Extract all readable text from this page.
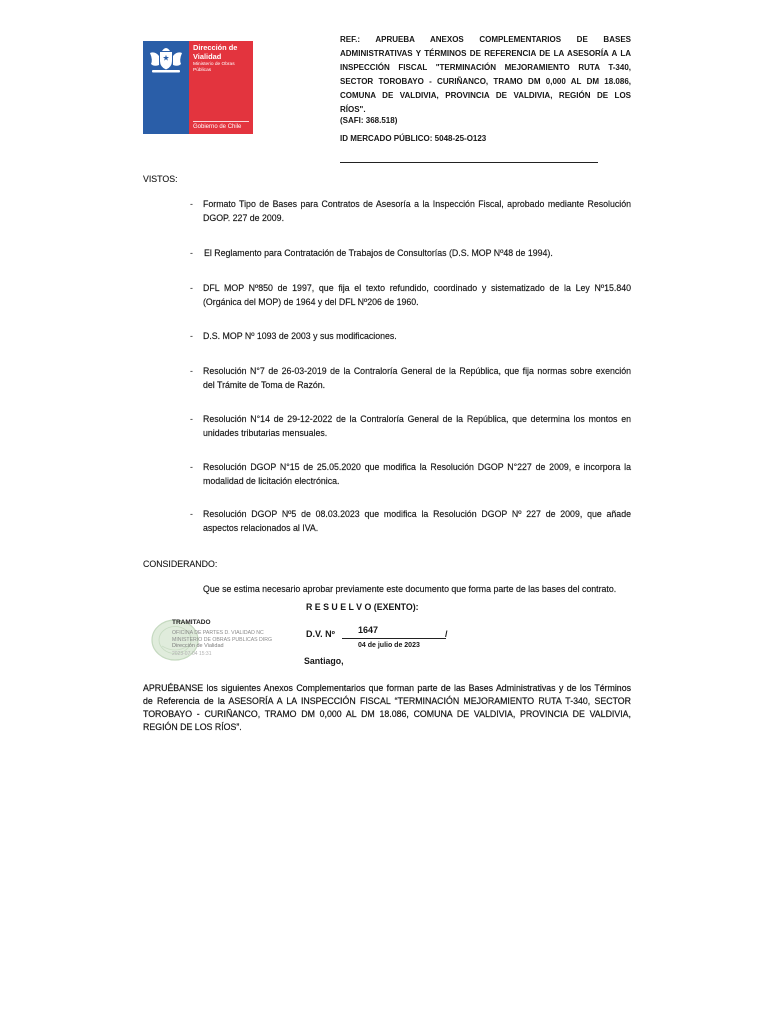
Dirección de
Vialidad
Ministerio de Obras
Públicas
Gobierno de Chile
REF.: APRUEBA ANEXOS COMPLEMENTARIOS DE BASES
ADMINISTRATIVAS Y TÉRMINOS DE REFERENCIA DE LA ASESORÍA A LA
INSPECCIÓN FISCAL "TERMINACIÓN MEJORAMIENTO RUTA T-340,
SECTOR TOROBAYO - CURIÑANCO, TRAMO DM 0,000 AL DM 18.086,
COMUNA DE VALDIVIA, PROVINCIA DE VALDIVIA, REGIÓN DE LOS
RÍOS".
(SAFI: 368.518)
ID MERCADO PÚBLICO: 5048-25-O123
VISTOS:
- Formato Tipo de Bases para Contratos de Asesoría a la Inspección Fiscal, aprobado mediante Resolución
DGOP. 227 de 2009.
- El Reglamento para Contratación de Trabajos de Consultorías (D.S. MOP Nº48 de 1994).
- DFL MOP Nº850 de 1997, que fija el texto refundido, coordinado y sistematizado de la Ley Nº15.840
(Orgánica del MOP) de 1964 y del DFL Nº206 de 1960.
- D.S. MOP Nº 1093 de 2003 y sus modificaciones.
- Resolución N°7 de 26-03-2019 de la Contraloría General de la República, que fija normas sobre exención
del Trámite de Toma de Razón.
- Resolución N°14 de 29-12-2022 de la Contraloría General de la República, que determina los montos en
unidades tributarias mensuales.
- Resolución DGOP N°15 de 25.05.2020 que modifica la Resolución DGOP N°227 de 2009, e incorpora la
modalidad de licitación electrónica.
- Resolución DGOP Nº5 de 08.03.2023 que modifica la Resolución DGOP Nº 227 de 2009, que añade
aspectos relacionados al IVA.
CONSIDERANDO:
Que se estima necesario aprobar previamente este documento que forma parte de las bases del contrato.
R E S U E L V O (EXENTO):
TRAMITADO
OFICINA DE PARTES D. VIALIDAD NC
MINISTERIO DE OBRAS PUBLICAS DIRG
Dirección de Vialidad
2023-07-04 15:31
D.V. Nº	1647	/
04 de julio de 2023
Santiago,
APRUÉBANSE los siguientes Anexos Complementarios que forman parte de las Bases Administrativas y de los Términos
de Referencia de la ASESORÍA A LA INSPECCIÓN FISCAL “TERMINACIÓN MEJORAMIENTO RUTA T-340, SECTOR
TOROBAYO - CURIÑANCO, TRAMO DM 0,000 AL DM 18.086, COMUNA DE VALDIVIA, PROVINCIA DE VALDIVIA,
REGIÓN DE LOS RÍOS”.
